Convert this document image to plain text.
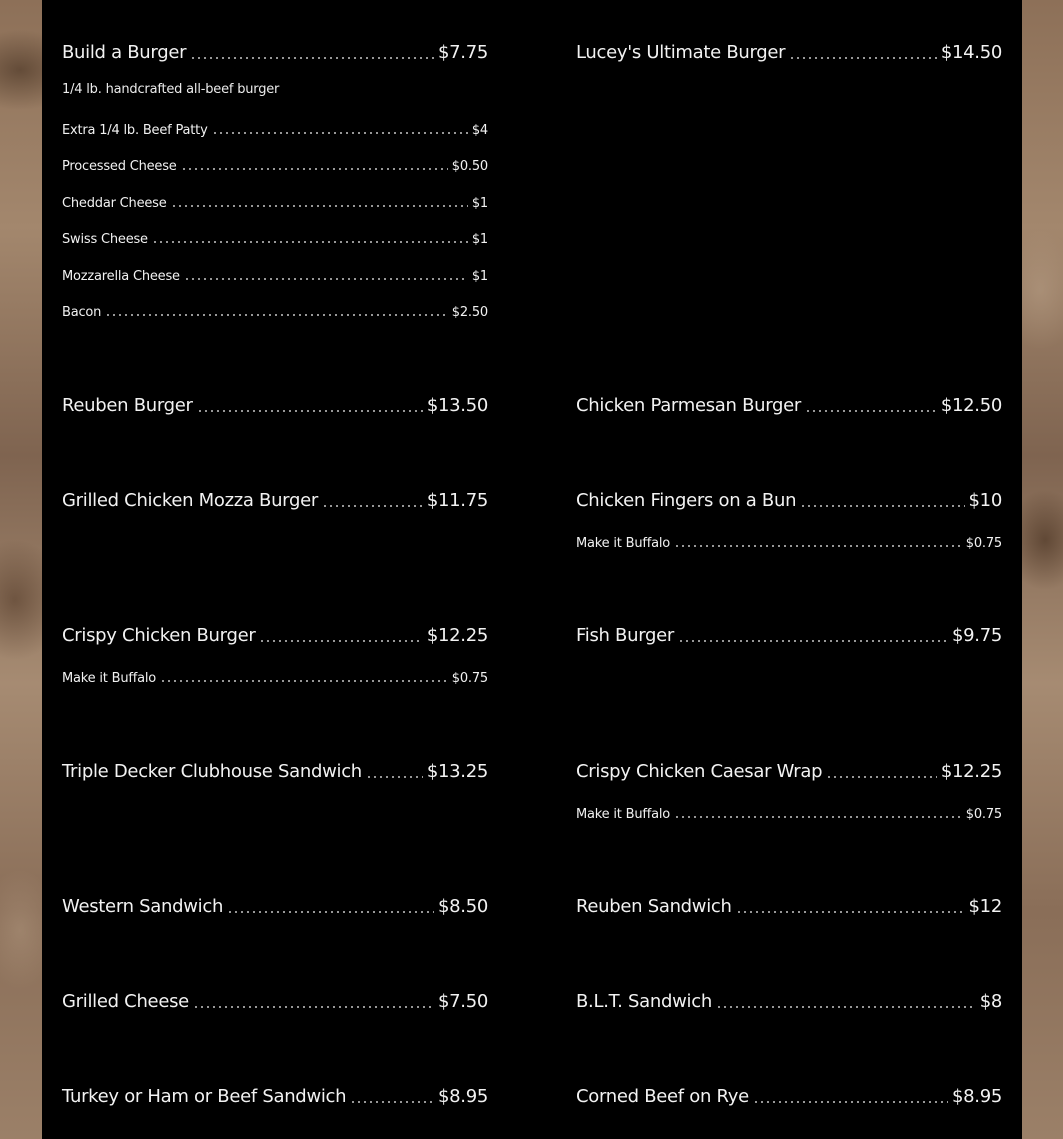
Build a Burger	$7.75
1/4 lb. handcrafted all-beef burger
Extra 1/4 lb. Beef Patty	$4
Processed Cheese	$0.50
Cheddar Cheese	$1
Swiss Cheese	$1
Mozzarella Cheese	$1
Bacon	$2.50
Reuben Burger	$13.50
Grilled Chicken Mozza Burger	$11.75
Crispy Chicken Burger	$12.25
Make it Buffalo	$0.75
Triple Decker Clubhouse Sandwich	$13.25
Western Sandwich	$8.50
Grilled Cheese	$7.50
Turkey or Ham or Beef Sandwich	$8.95
Lucey's Ultimate Burger	$14.50
Chicken Parmesan Burger	$12.50
Chicken Fingers on a Bun	$10
Make it Buffalo	$0.75
Fish Burger	$9.75
Crispy Chicken Caesar Wrap	$12.25
Make it Buffalo	$0.75
Reuben Sandwich	$12
B.L.T. Sandwich	$8
Corned Beef on Rye	$8.95
